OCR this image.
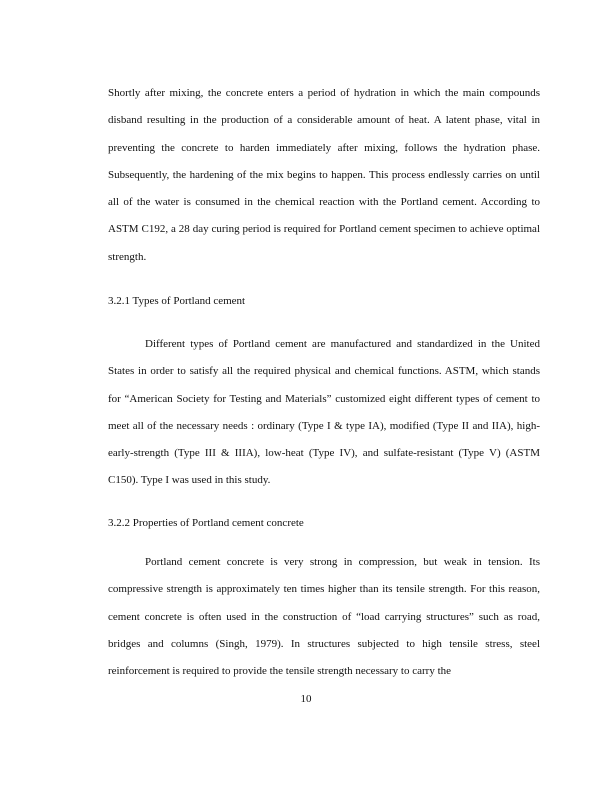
Shortly after mixing, the concrete enters a period of hydration in which the main compounds disband resulting in the production of a considerable amount of heat. A latent phase, vital in preventing the concrete to harden immediately after mixing, follows the hydration phase. Subsequently, the hardening of the mix begins to happen. This process endlessly carries on until all of the water is consumed in the chemical reaction with the Portland cement. According to ASTM C192, a 28 day curing period is required for Portland cement specimen to achieve optimal strength.

3.2.1 Types of Portland cement

Different types of Portland cement are manufactured and standardized in the United States in order to satisfy all the required physical and chemical functions. ASTM, which stands for “American Society for Testing and Materials” customized eight different types of cement to meet all of the necessary needs : ordinary (Type I & type IA), modified (Type II and IIA), high-early-strength (Type III & IIIA), low-heat (Type IV), and sulfate-resistant (Type V) (ASTM C150). Type I was used in this study.

3.2.2 Properties of Portland cement concrete

Portland cement concrete is very strong in compression, but weak in tension. Its compressive strength is approximately ten times higher than its tensile strength. For this reason, cement concrete is often used in the construction of “load carrying structures” such as road, bridges and columns (Singh, 1979). In structures subjected to high tensile stress, steel reinforcement is required to provide the tensile strength necessary to carry the

10
